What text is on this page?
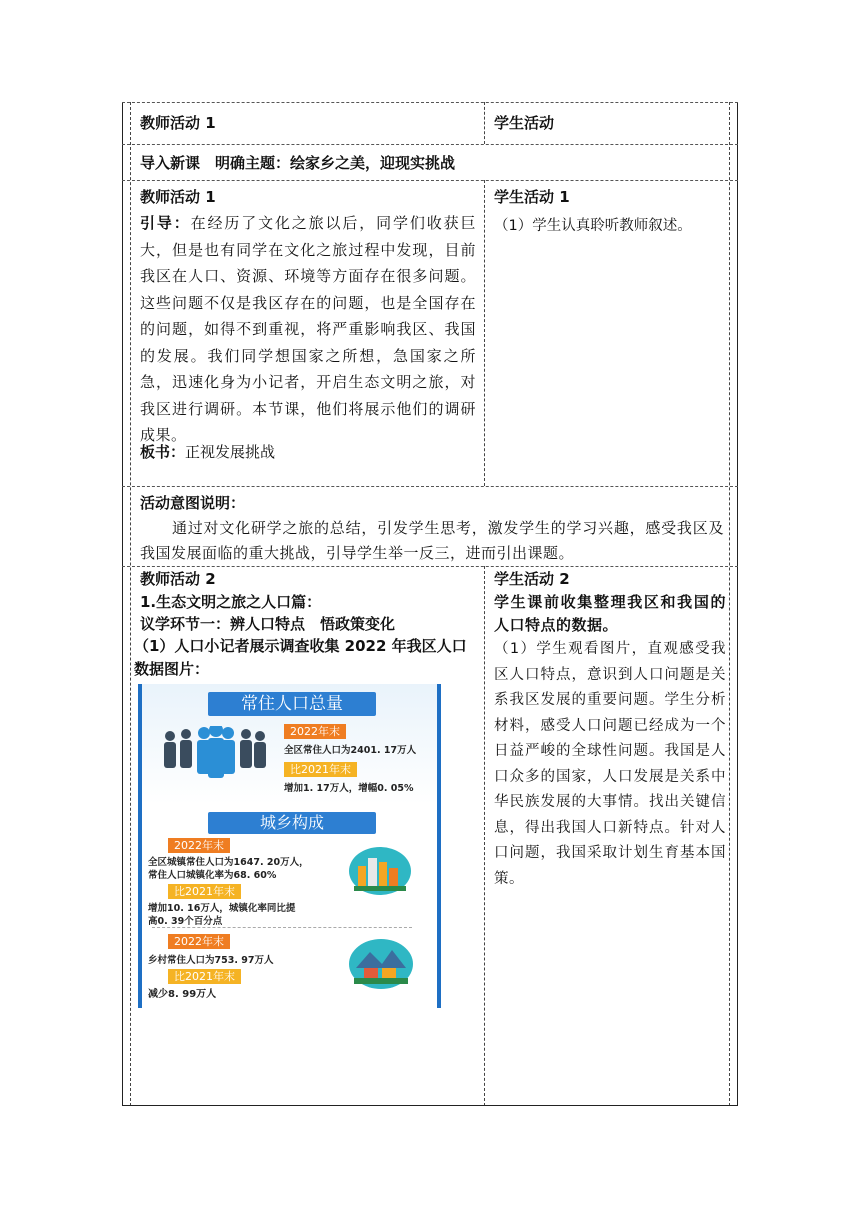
教师活动 1	学生活动
导入新课　明确主题：绘家乡之美，迎现实挑战
教师活动 1
引导：在经历了文化之旅以后，同学们收获巨大，但是也有同学在文化之旅过程中发现，目前我区在人口、资源、环境等方面存在很多问题。这些问题不仅是我区存在的问题，也是全国存在的问题，如得不到重视，将严重影响我区、我国的发展。我们同学想国家之所想，急国家之所急，迅速化身为小记者，开启生态文明之旅，对我区进行调研。本节课，他们将展示他们的调研成果。
板书：正视发展挑战
学生活动 1
（1）学生认真聆听教师叙述。
活动意图说明：
通过对文化研学之旅的总结，引发学生思考，激发学生的学习兴趣，感受我区及我国发展面临的重大挑战，引导学生举一反三，进而引出课题。
教师活动 2
1.生态文明之旅之人口篇：
议学环节一：辨人口特点　悟政策变化
（1）人口小记者展示调查收集 2022 年我区人口数据图片：
学生活动 2
学生课前收集整理我区和我国的人口特点的数据。
（1）学生观看图片，直观感受我区人口特点，意识到人口问题是关系我区发展的重要问题。学生分析材料，感受人口问题已经成为一个日益严峻的全球性问题。我国是人口众多的国家，人口发展是关系中华民族发展的大事情。找出关键信息，得出我国人口新特点。针对人口问题，我国采取计划生育基本国策。
常住人口总量
2022年末
全区常住人口为2401. 17万人
比2021年末
增加1. 17万人，增幅0. 05%
城乡构成
2022年末
全区城镇常住人口为1647. 20万人，
常住人口城镇化率为68. 60%
比2021年末
增加10. 16万人，城镇化率同比提
高0. 39个百分点
2022年末
乡村常住人口为753. 97万人
比2021年末
减少8. 99万人
